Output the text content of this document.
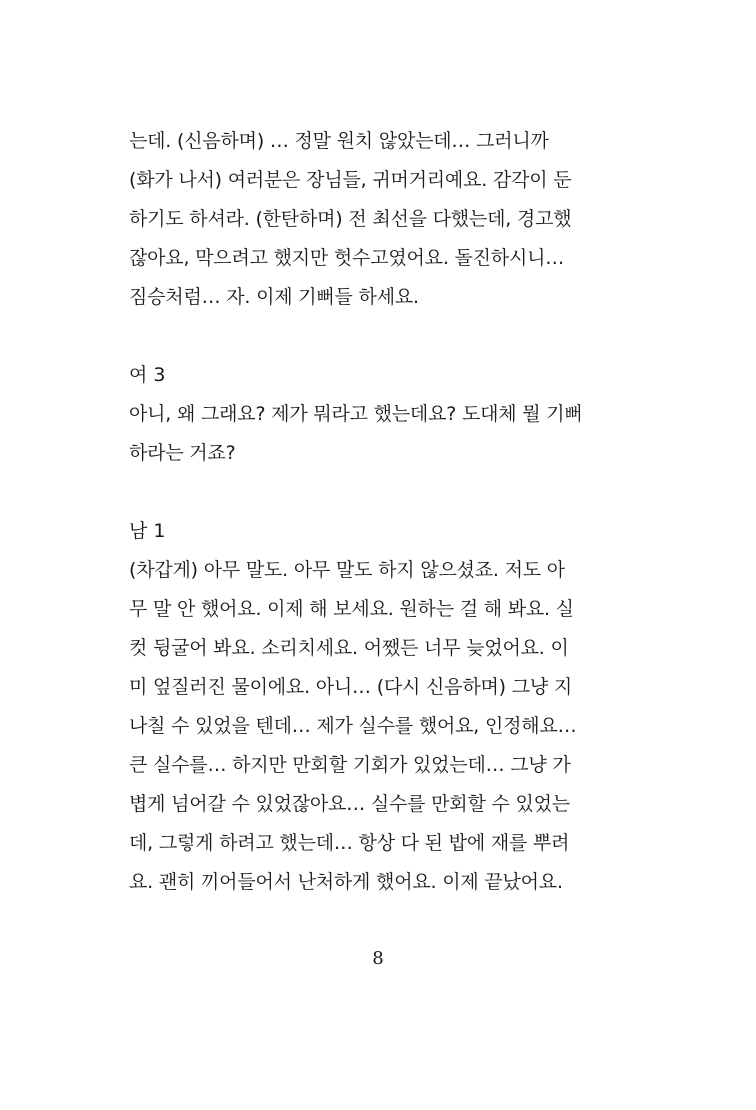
는데. (신음하며) … 정말 원치 않았는데… 그러니까
(화가 나서) 여러분은 장님들, 귀머거리예요. 감각이 둔
하기도 하셔라. (한탄하며) 전 최선을 다했는데, 경고했
잖아요, 막으려고 했지만 헛수고였어요. 돌진하시니…
짐승처럼… 자. 이제 기뻐들 하세요.
여 3
아니, 왜 그래요? 제가 뭐라고 했는데요? 도대체 뭘 기뻐
하라는 거죠?
남 1
(차갑게) 아무 말도. 아무 말도 하지 않으셨죠. 저도 아
무 말 안 했어요. 이제 해 보세요. 원하는 걸 해 봐요. 실
컷 뒹굴어 봐요. 소리치세요. 어쨌든 너무 늦었어요. 이
미 엎질러진 물이에요. 아니… (다시 신음하며) 그냥 지
나칠 수 있었을 텐데… 제가 실수를 했어요, 인정해요…
큰 실수를… 하지만 만회할 기회가 있었는데… 그냥 가
볍게 넘어갈 수 있었잖아요… 실수를 만회할 수 있었는
데, 그렇게 하려고 했는데… 항상 다 된 밥에 재를 뿌려
요. 괜히 끼어들어서 난처하게 했어요. 이제 끝났어요.
8
